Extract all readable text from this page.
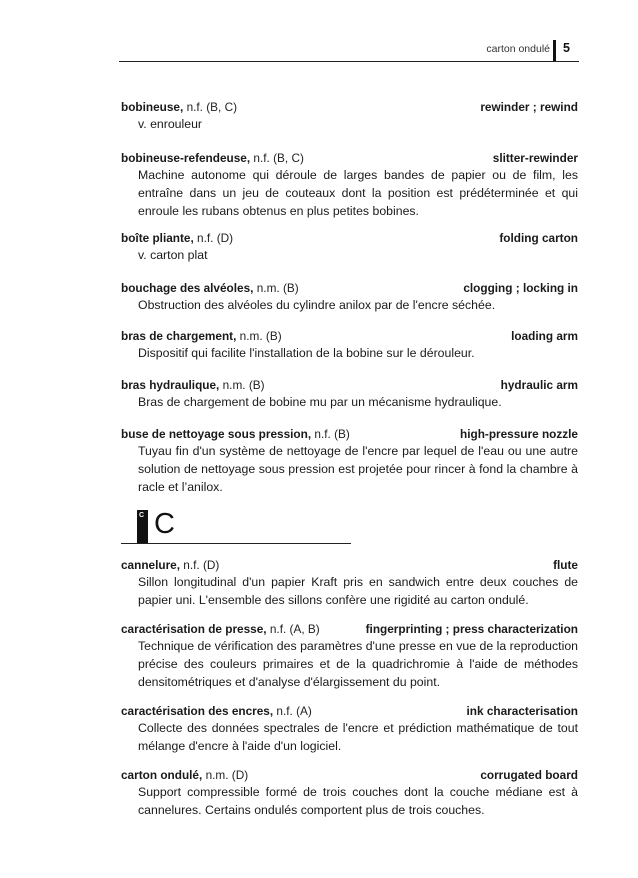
carton ondulé 5
bobineuse, n.f. (B, C)	rewinder ; rewind
v. enrouleur
bobineuse-refendeuse, n.f. (B, C)	slitter-rewinder
Machine autonome qui déroule de larges bandes de papier ou de film, les entraîne dans un jeu de couteaux dont la position est prédéterminée et qui enroule les rubans obtenus en plus petites bobines.
boîte pliante, n.f. (D)	folding carton
v. carton plat
bouchage des alvéoles, n.m. (B)	clogging ; locking in
Obstruction des alvéoles du cylindre anilox par de l'encre séchée.
bras de chargement, n.m. (B)	loading arm
Dispositif qui facilite l'installation de la bobine sur le dérouleur.
bras hydraulique, n.m. (B)	hydraulic arm
Bras de chargement de bobine mu par un mécanisme hydraulique.
buse de nettoyage sous pression, n.f. (B)	high-pressure nozzle
Tuyau fin d'un système de nettoyage de l'encre par lequel de l'eau ou une autre solution de nettoyage sous pression est projetée pour rincer à fond la chambre à racle et l’anilox.
C C
cannelure, n.f. (D)	flute
Sillon longitudinal d'un papier Kraft pris en sandwich entre deux couches de papier uni. L'ensemble des sillons confère une rigidité au carton ondulé.
caractérisation de presse, n.f. (A, B)	fingerprinting ; press characterization
Technique de vérification des paramètres d'une presse en vue de la reproduction précise des couleurs primaires et de la quadrichromie à l'aide de méthodes densitométriques et d'analyse d'élargissement du point.
caractérisation des encres, n.f. (A)	ink characterisation
Collecte des données spectrales de l'encre et prédiction mathématique de tout mélange d'encre à l'aide d'un logiciel.
carton ondulé, n.m. (D)	corrugated board
Support compressible formé de trois couches dont la couche médiane est à cannelures. Certains ondulés comportent plus de trois couches.
